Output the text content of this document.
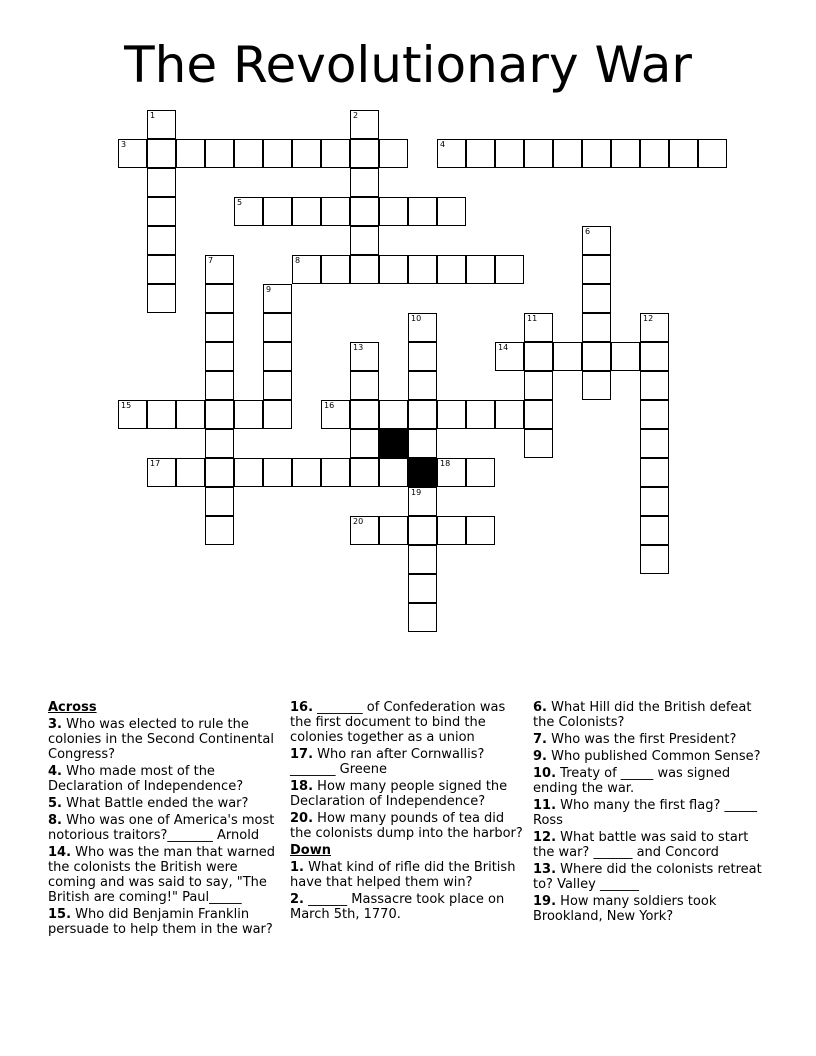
The Revolutionary War
1	2
3	4
5
6
7	8
9
10	11	12
13	14
15	16
17	18
19
20
Across
3. Who was elected to rule the colonies in the Second Continental Congress?
4. Who made most of the Declaration of Independence?
5. What Battle ended the war?
8. Who was one of America's most notorious traitors?_______ Arnold
14. Who was the man that warned the colonists the British were coming and was said to say, "The British are coming!" Paul_____
15. Who did Benjamin Franklin persuade to help them in the war?
16. _______ of Confederation was the first document to bind the colonies together as a union
17. Who ran after Cornwallis? _______ Greene
18. How many people signed the Declaration of Independence?
20. How many pounds of tea did the colonists dump into the harbor?
Down
1. What kind of rifle did the British have that helped them win?
2. ______ Massacre took place on March 5th, 1770.
6. What Hill did the British defeat the Colonists?
7. Who was the first President?
9. Who published Common Sense?
10. Treaty of _____ was signed ending the war.
11. Who many the first flag? _____ Ross
12. What battle was said to start the war? ______ and Concord
13. Where did the colonists retreat to? Valley ______
19. How many soldiers took Brookland, New York?
